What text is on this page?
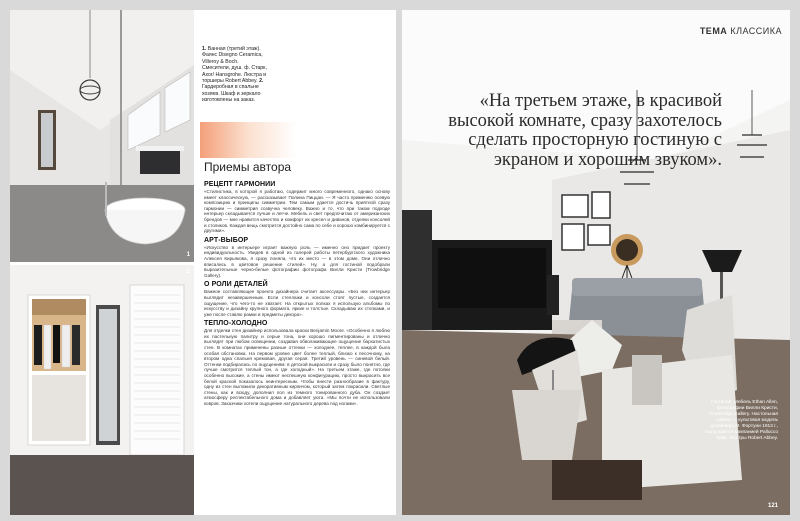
1
2
1. Ванная (третий этаж). Фаянс Disegno Ceramica, Villeroy & Boch. Смесители, душ. ф. Старк, Axor/ Hansgrohe. Люстра и торшеры Robert Abbey. 2. Гардеробная в спальне хозяев. Шкаф и зеркало изготовлены на заказ.
Приемы автора
РЕЦЕПТ ГАРМОНИИ

«Стилистика, в которой я работаю, содержит много современного, однако основу имеет классическую, — рассказывает Полина Пиццаи. — Я часто применяю осевую композицию и принципы симметрии. Тем самым удается достичь приятной сразу гармонии — симметрия созвучна человеку. Важно и то, что при таком подходе интерьер складывается лучше и легче. Мебель и свет предпочитаю от американских брендов — мне нравится качество и комфорт их кресел и диванов, отделки консолей и столиков. Каждая вещь смотрится достойно сама по себе и хорошо комбинируется с другими».

АРТ-ВЫБОР

«Искусство в интерьере играет важную роль — именно оно придает проекту индивидуальность. Увидев в одной из галерей работы петербургского художника Алексея Кирьякова, я сразу поняла, что их место — в этом доме. Они отлично вписались в цветовое решение стилей». Ну, а для гостиной подобрали выразительные черно-белые фотографии фотографа Вилли Кристи (Trowbridge Gallery).

О РОЛИ ДЕТАЛЕЙ

Важное составляющее проекта дизайнера считает аксессуары. «Без них интерьер выглядит незавершенным. Если стеллажи и консоли стоят пустые, создается ощущение, что чего-то не хватает. На открытых полках я использую альбомы по искусству и дизайну крупного формата, яркие и толстые. Складываю их стопками, и уже после ставлю рамки и предметы декора».

ТЕПЛО-ХОЛОДНО

Для отделки стен дизайнер использовала краски Benjamin Moore. «Особенно я люблю их пастельную палитру и серые тона, они хорошо пигментированы и отлично выглядят при любом освещении, создавая обволакивающее ощущение бархатистых стен. В комнатах применены разные оттенки — холоднее, теплее, в каждой была особая обстановка. На первом уровне цвет более теплый, близко к песочному, на втором одна спальня кремовая, другая серая. Третий уровень — синевой белый. Оттенки подбиралась по ощущениям: в детской выкрасили и сразу было понятно, где лучше смотрится теплый тон, а где холодный». На третьем этаже, где потолки особенно высокие, а стены имеют неспешную конфигурацию, просто выкрасить все белой краской показалось неинтересным. Чтобы внести разнообразие в фактуру, одну из стен выложили декоративным кирпичом, который затем покрасили. Светлые стены, как и всюду, дополнил пол из темного тонированного дуба. Он создает атмосферу респектабельного дома и добавляет уюта. «Мы почти не использовали ковров. Заказчики хотели ощущение натурального дерева под ногами».

ТЕМА КЛАССИКА
«На третьем этаже, в красивой высокой комнате, сразу захотелось сделать просторную гостиную с экраном и хорошим звуком».
Гостиная. Мебель Ethan Allen, фотографии Вилли Кристи, Trowbridge Gallery. Настольная лампа — культовая модель дизайнера М. Фортуни 1913 г., выпускается компанией Pallucco Italia. Люстры Robert Abbey.
121
